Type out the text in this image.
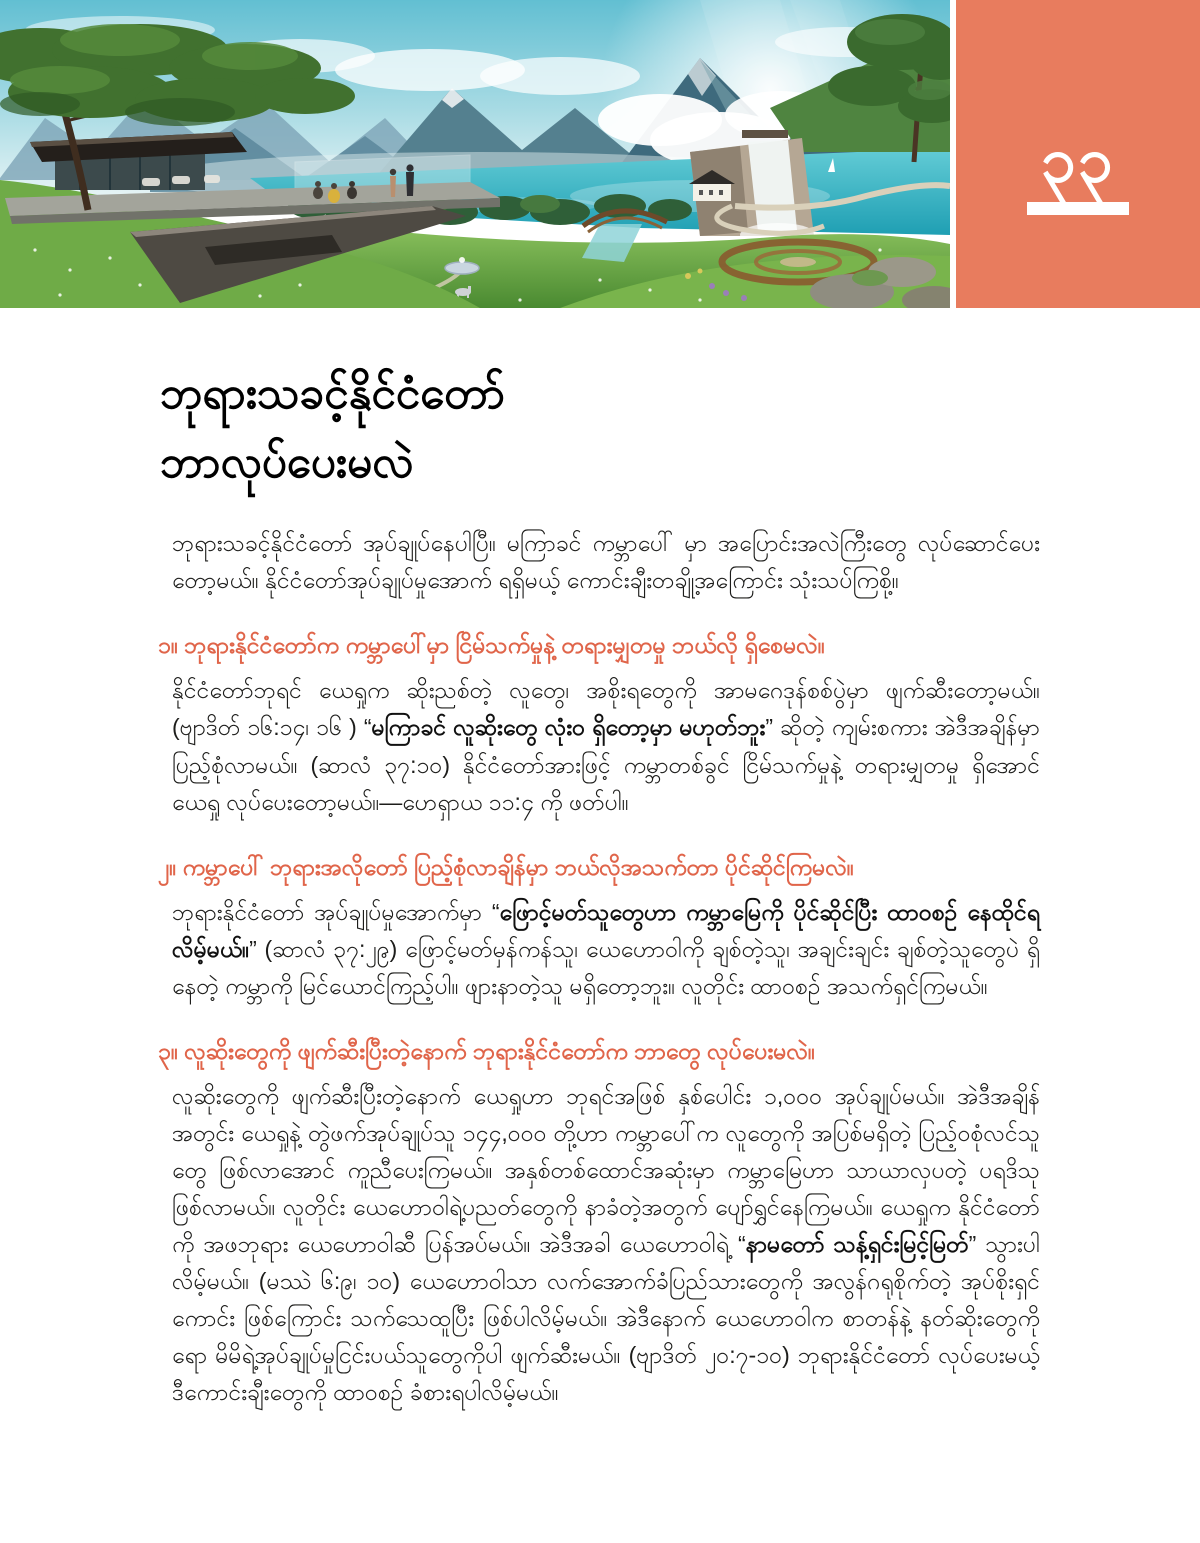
၃၃
ဘုရားသခင့်နိုင်ငံတော်
ဘာလုပ်ပေးမလဲ

ဘုရားသခင့်နိုင်ငံတော် အုပ်ချုပ်နေပါပြီ။ မကြာခင် ကမ္ဘာပေါ် မှာ အပြောင်းအလဲကြီးတွေ လုပ်ဆောင်ပေးတော့မယ်။ နိုင်ငံတော်အုပ်ချုပ်မှုအောက် ရရှိမယ့် ကောင်းချီးတချို့အကြောင်း သုံးသပ်ကြစို့။

၁။ ဘုရားနိုင်ငံတော်က ကမ္ဘာပေါ်မှာ ငြိမ်သက်မှုနဲ့ တရားမျှတမှု ဘယ်လို ရှိစေမလဲ။

နိုင်ငံတော်ဘုရင် ယေရှုက ဆိုးညစ်တဲ့ လူတွေ၊ အစိုးရတွေကို အာမဂေဒုန်စစ်ပွဲမှာ ဖျက်ဆီးတော့မယ်။ (ဗျာဒိတ် ၁၆:၁၄၊ ၁၆ ) “မကြာခင် လူဆိုးတွေ လုံးဝ ရှိတော့မှာ မဟုတ်ဘူး” ဆိုတဲ့ ကျမ်းစကား အဲဒီအချိန်မှာ ပြည့်စုံလာမယ်။ (ဆာလံ ၃၇:၁၀) နိုင်ငံတော်အားဖြင့် ကမ္ဘာတစ်ခွင် ငြိမ်သက်မှုနဲ့ တရားမျှတမှု ရှိအောင် ယေရှု လုပ်ပေးတော့မယ်။—ဟေရှာယ ၁၁:၄ ကို ဖတ်ပါ။

၂။ ကမ္ဘာပေါ် ဘုရားအလိုတော် ပြည့်စုံလာချိန်မှာ ဘယ်လိုအသက်တာ ပိုင်ဆိုင်ကြမလဲ။

ဘုရားနိုင်ငံတော် အုပ်ချုပ်မှုအောက်မှာ “ဖြောင့်မတ်သူတွေဟာ ကမ္ဘာမြေကို ပိုင်ဆိုင်ပြီး ထာဝစဉ် နေထိုင်ရလိမ့်မယ်။” (ဆာလံ ၃၇:၂၉) ဖြောင့်မတ်မှန်ကန်သူ၊ ယေဟောဝါကို ချစ်တဲ့သူ၊ အချင်းချင်း ချစ်တဲ့သူတွေပဲ ရှိနေတဲ့ ကမ္ဘာကို မြင်ယောင်ကြည့်ပါ။ ဖျားနာတဲ့သူ မရှိတော့ဘူး။ လူတိုင်း ထာဝစဉ် အသက်ရှင်ကြမယ်။

၃။ လူဆိုးတွေကို ဖျက်ဆီးပြီးတဲ့နောက် ဘုရားနိုင်ငံတော်က ဘာတွေ လုပ်ပေးမလဲ။

လူဆိုးတွေကို ဖျက်ဆီးပြီးတဲ့နောက် ယေရှုဟာ ဘုရင်အဖြစ် နှစ်ပေါင်း ၁,၀၀၀ အုပ်ချုပ်မယ်။ အဲဒီအချိန်အတွင်း ယေရှုနဲ့ တွဲဖက်အုပ်ချုပ်သူ ၁၄၄,၀၀၀ တို့ဟာ ကမ္ဘာပေါ်က လူတွေကို အပြစ်မရှိတဲ့ ပြည့်ဝစုံလင်သူတွေ ဖြစ်လာအောင် ကူညီပေးကြမယ်။ အနှစ်တစ်ထောင်အဆုံးမှာ ကမ္ဘာမြေဟာ သာယာလှပတဲ့ ပရဒိသု ဖြစ်လာမယ်။ လူတိုင်း ယေဟောဝါရဲ့ပညတ်တွေကို နာခံတဲ့အတွက် ပျော်ရွှင်နေကြမယ်။ ယေရှုက နိုင်ငံတော်ကို အဖဘုရား ယေဟောဝါဆီ ပြန်အပ်မယ်။ အဲဒီအခါ ယေဟောဝါရဲ့ “နာမတော် သန့်ရှင်းမြင့်မြတ်” သွားပါလိမ့်မယ်။ (မဿဲ ၆:၉၊ ၁၀) ယေဟောဝါသာ လက်အောက်ခံပြည်သားတွေကို အလွန်ဂရုစိုက်တဲ့ အုပ်စိုးရှင်ကောင်း ဖြစ်ကြောင်း သက်သေထူပြီး ဖြစ်ပါလိမ့်မယ်။ အဲဒီနောက် ယေဟောဝါက စာတန်နဲ့ နတ်ဆိုးတွေကိုရော မိမိရဲ့အုပ်ချုပ်မှုငြင်းပယ်သူတွေကိုပါ ဖျက်ဆီးမယ်။ (ဗျာဒိတ် ၂၀:၇-၁၀) ဘုရားနိုင်ငံတော် လုပ်ပေးမယ့် ဒီကောင်းချီးတွေကို ထာဝစဉ် ခံစားရပါလိမ့်မယ်။
